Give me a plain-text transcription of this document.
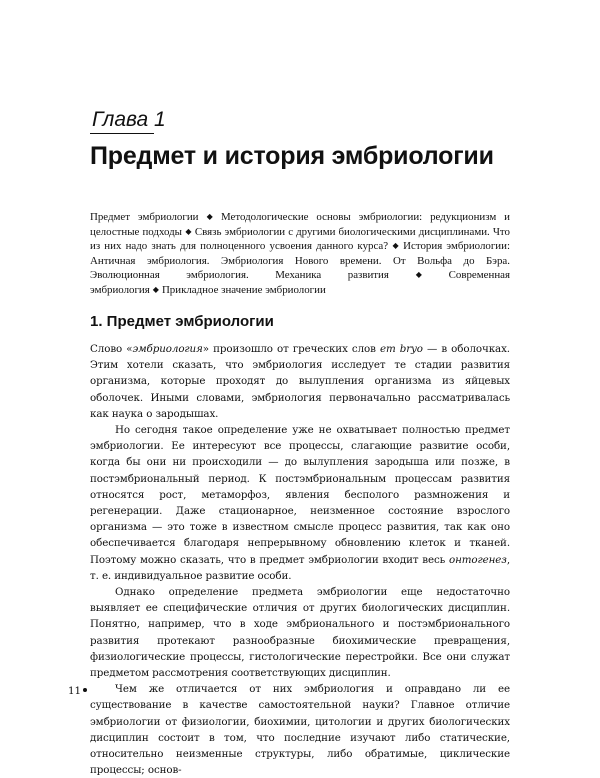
Глава 1
Предмет и история эмбриологии
Предмет эмбриологии ◆ Методологические основы эмбриологии: редукционизм и целостные подходы ◆ Связь эмбриологии с другими биологическими дисциплинами. Что из них надо знать для полноценного усвоения данного курса? ◆ История эмбриологии: Античная эмбриология. Эмбриология Нового времени. От Вольфа до Бэра. Эволюционная эмбриология. Механика развития ◆ Современная эмбриология ◆ Прикладное значение эмбриологии
1. Предмет эмбриологии

Слово «эмбриология» произошло от греческих слов em bryo — в оболочках. Этим хотели сказать, что эмбриология исследует те стадии развития организма, которые проходят до вылупления организма из яйцевых оболочек. Иными словами, эмбриология первоначально рассматривалась как наука о зародышах.

Но сегодня такое определение уже не охватывает полностью предмет эмбриологии. Ее интересуют все процессы, слагающие развитие особи, когда бы они ни происходили — до вылупления зародыша или позже, в постэмбриональный период. К постэмбриональным процессам развития относятся рост, метаморфоз, явления бесполого размножения и регенерации. Даже стационарное, неизменное состояние взрослого организма — это тоже в известном смысле процесс развития, так как оно обеспечивается благодаря непрерывному обновлению клеток и тканей. Поэтому можно сказать, что в предмет эмбриологии входит весь онтогенез, т. е. индивидуальное развитие особи.

Однако определение предмета эмбриологии еще недостаточно выявляет ее специфические отличия от других биологических дисциплин. Понятно, например, что в ходе эмбрионального и постэмбрионального развития протекают разнообразные биохимические превращения, физиологические процессы, гистологические перестройки. Все они служат предметом рассмотрения соответствующих дисциплин.

Чем же отличается от них эмбриология и оправдано ли ее существование в качестве самостоятельной науки? Главное отличие эмбриологии от физиологии, биохимии, цитологии и других биологических дисциплин состоит в том, что последние изучают либо статические, относительно неизменные структуры, либо обратимые, циклические процессы; основ-

11
